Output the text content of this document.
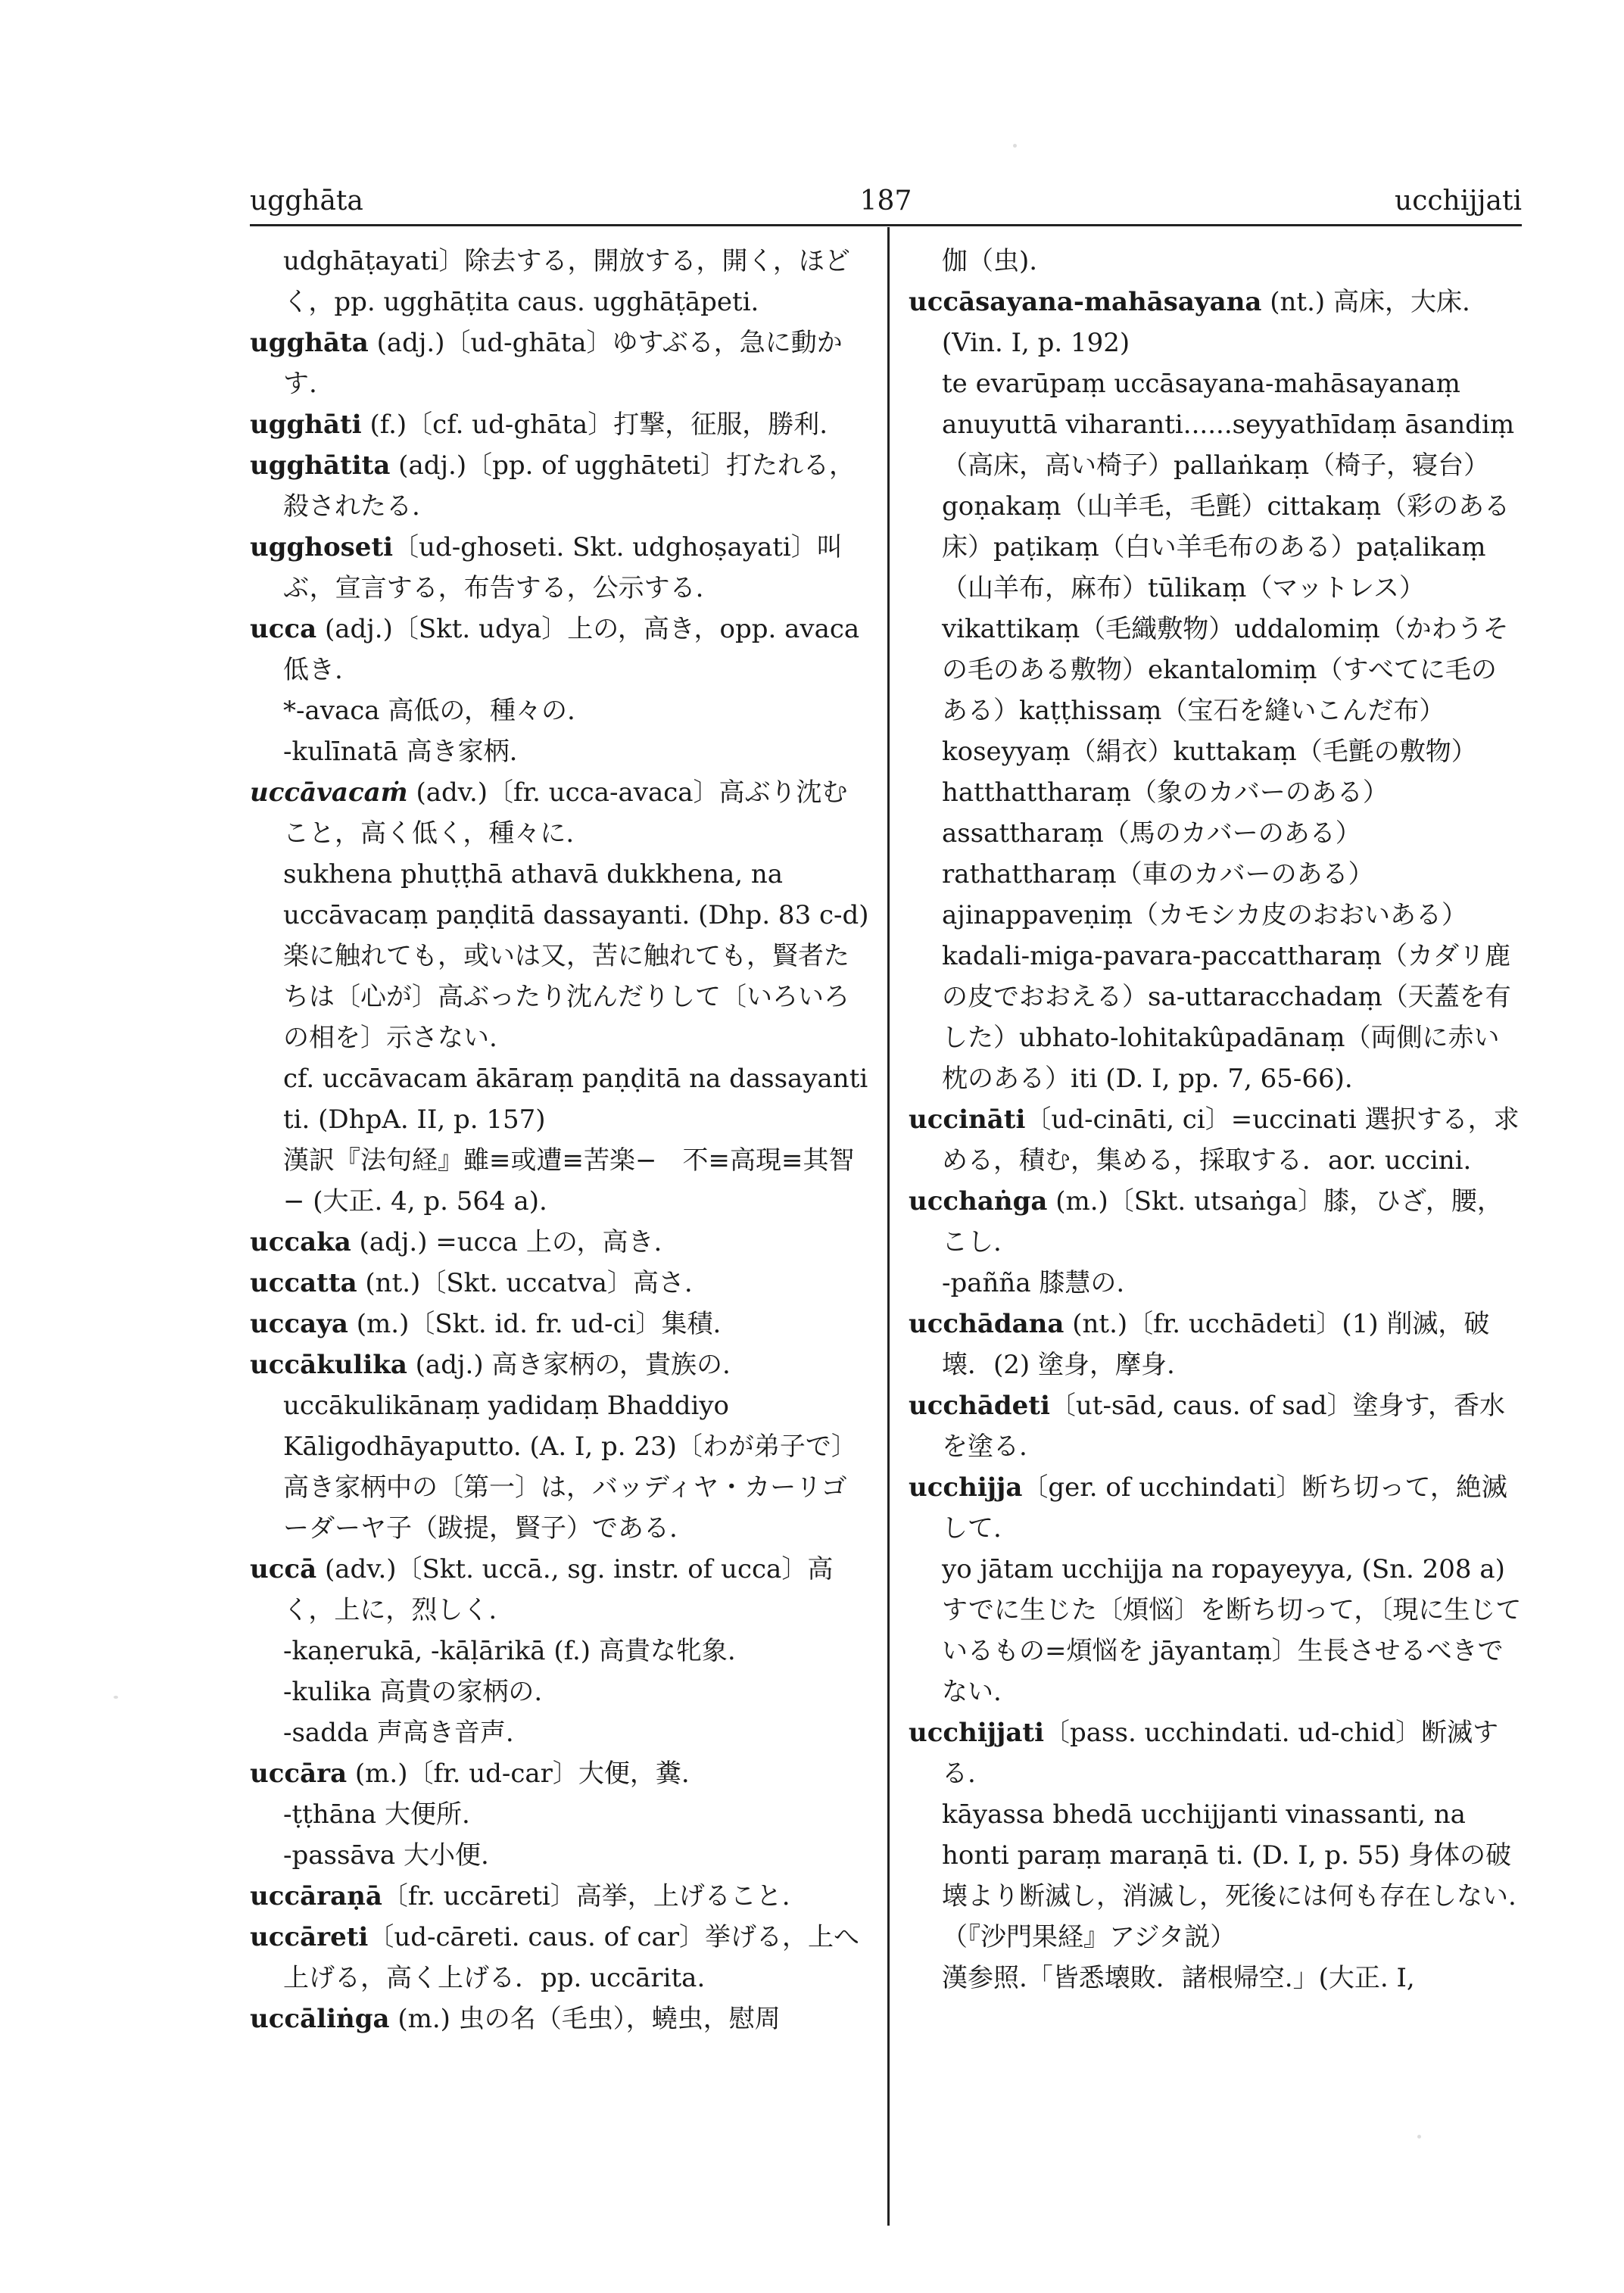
ugghāta	187	ucchijjati

udghāṭayati〕除去する，開放する，開く，ほどく，pp. ugghāṭita caus. ugghāṭāpeti.

ugghāta (adj.)〔ud-ghāta〕ゆすぶる，急に動かす.

ugghāti (f.)〔cf. ud-ghāta〕打撃，征服，勝利.

ugghātita (adj.)〔pp. of ugghāteti〕打たれる，殺されたる.

ugghoseti〔ud-ghoseti. Skt. udghoṣayati〕叫ぶ，宣言する，布告する，公示する.

ucca (adj.)〔Skt. udya〕上の，高き，opp. avaca 低き.

*-avaca 高低の，種々の.

-kulīnatā 高き家柄.

uccāvacaṁ (adv.)〔fr. ucca-avaca〕高ぶり沈むこと，高く低く，種々に.

sukhena phuṭṭhā athavā dukkhena, na uccāvacaṃ paṇḍitā dassayanti. (Dhp. 83 c-d) 楽に触れても，或いは又，苦に触れても，賢者たちは〔心が〕高ぶったり沈んだりして〔いろいろの相を〕示さない.

cf. uccāvacam ākāraṃ paṇḍitā na dassayanti ti. (DhpA. II, p. 157)

漢訳『法句経』雖≡或遭≡苦楽−　不≡高現≡其智− (大正. 4, p. 564 a).

uccaka (adj.) =ucca 上の，高き.

uccatta (nt.)〔Skt. uccatva〕高さ.

uccaya (m.)〔Skt. id. fr. ud-ci〕集積.

uccākulika (adj.) 高き家柄の，貴族の.

uccākulikānaṃ yadidaṃ Bhaddiyo Kāligodhāyaputto. (A. I, p. 23)〔わが弟子で〕高き家柄中の〔第一〕は，バッディヤ・カーリゴーダーヤ子（跋提，賢子）である.

uccā (adv.)〔Skt. uccā., sg. instr. of ucca〕高く，上に，烈しく.

-kaṇerukā, -kāḷārikā (f.) 高貴な牝象.

-kulika 高貴の家柄の.

-sadda 声高き音声.

uccāra (m.)〔fr. ud-car〕大便，糞.

-ṭṭhāna 大便所.

-passāva 大小便.

uccāraṇā〔fr. uccāreti〕高挙，上げること.

uccāreti〔ud-cāreti. caus. of car〕挙げる，上へ上げる，高く上げる．pp. uccārita.

uccāliṅga (m.) 虫の名（毛虫），蟯虫，慰周

伽（虫).

uccāsayana-mahāsayana (nt.) 高床，大床. (Vin. I, p. 192)

te evarūpaṃ uccāsayana-mahāsayanaṃ anuyuttā viharanti......seyyathīdaṃ āsandiṃ（高床，高い椅子）pallaṅkaṃ（椅子，寝台）goṇakaṃ（山羊毛，毛氈）cittakaṃ（彩のある床）paṭikaṃ（白い羊毛布のある）paṭalikaṃ（山羊布，麻布）tūlikaṃ（マットレス）vikattikaṃ（毛織敷物）uddalomiṃ（かわうその毛のある敷物）ekantalomiṃ（すべてに毛のある）kaṭṭhissaṃ（宝石を縫いこんだ布）koseyyaṃ（絹衣）kuttakaṃ（毛氈の敷物）hatthattharaṃ（象のカバーのある）assattharaṃ（馬のカバーのある）rathattharaṃ（車のカバーのある）ajinappaveṇiṃ（カモシカ皮のおおいある）kadali-miga-pavara-paccattharaṃ（カダリ鹿の皮でおおえる）sa-uttaracchadaṃ（天蓋を有した）ubhato-lohitakûpadānaṃ（両側に赤い枕のある）iti (D. I, pp. 7, 65-66).

uccināti〔ud-cināti, ci〕=uccinati 選択する，求める，積む，集める，採取する．aor. uccini.

ucchaṅga (m.)〔Skt. utsaṅga〕膝，ひざ，腰，こし.

-pañña 膝慧の.

ucchādana (nt.)〔fr. ucchādeti〕(1) 削滅，破壊．(2) 塗身，摩身.

ucchādeti〔ut-sād, caus. of sad〕塗身す，香水を塗る.

ucchijja〔ger. of ucchindati〕断ち切って，絶滅して.

yo jātam ucchijja na ropayeyya, (Sn. 208 a) すでに生じた〔煩悩〕を断ち切って，〔現に生じているもの=煩悩を jāyantaṃ〕生長させるべきでない.

ucchijjati〔pass. ucchindati. ud-chid〕断滅する.

kāyassa bhedā ucchijjanti vinassanti, na honti paraṃ maraṇā ti. (D. I, p. 55) 身体の破壊より断滅し，消滅し，死後には何も存在しない.（『沙門果経』アジタ説）

漢参照.「皆悉壊敗．諸根帰空.」(大正. I,
